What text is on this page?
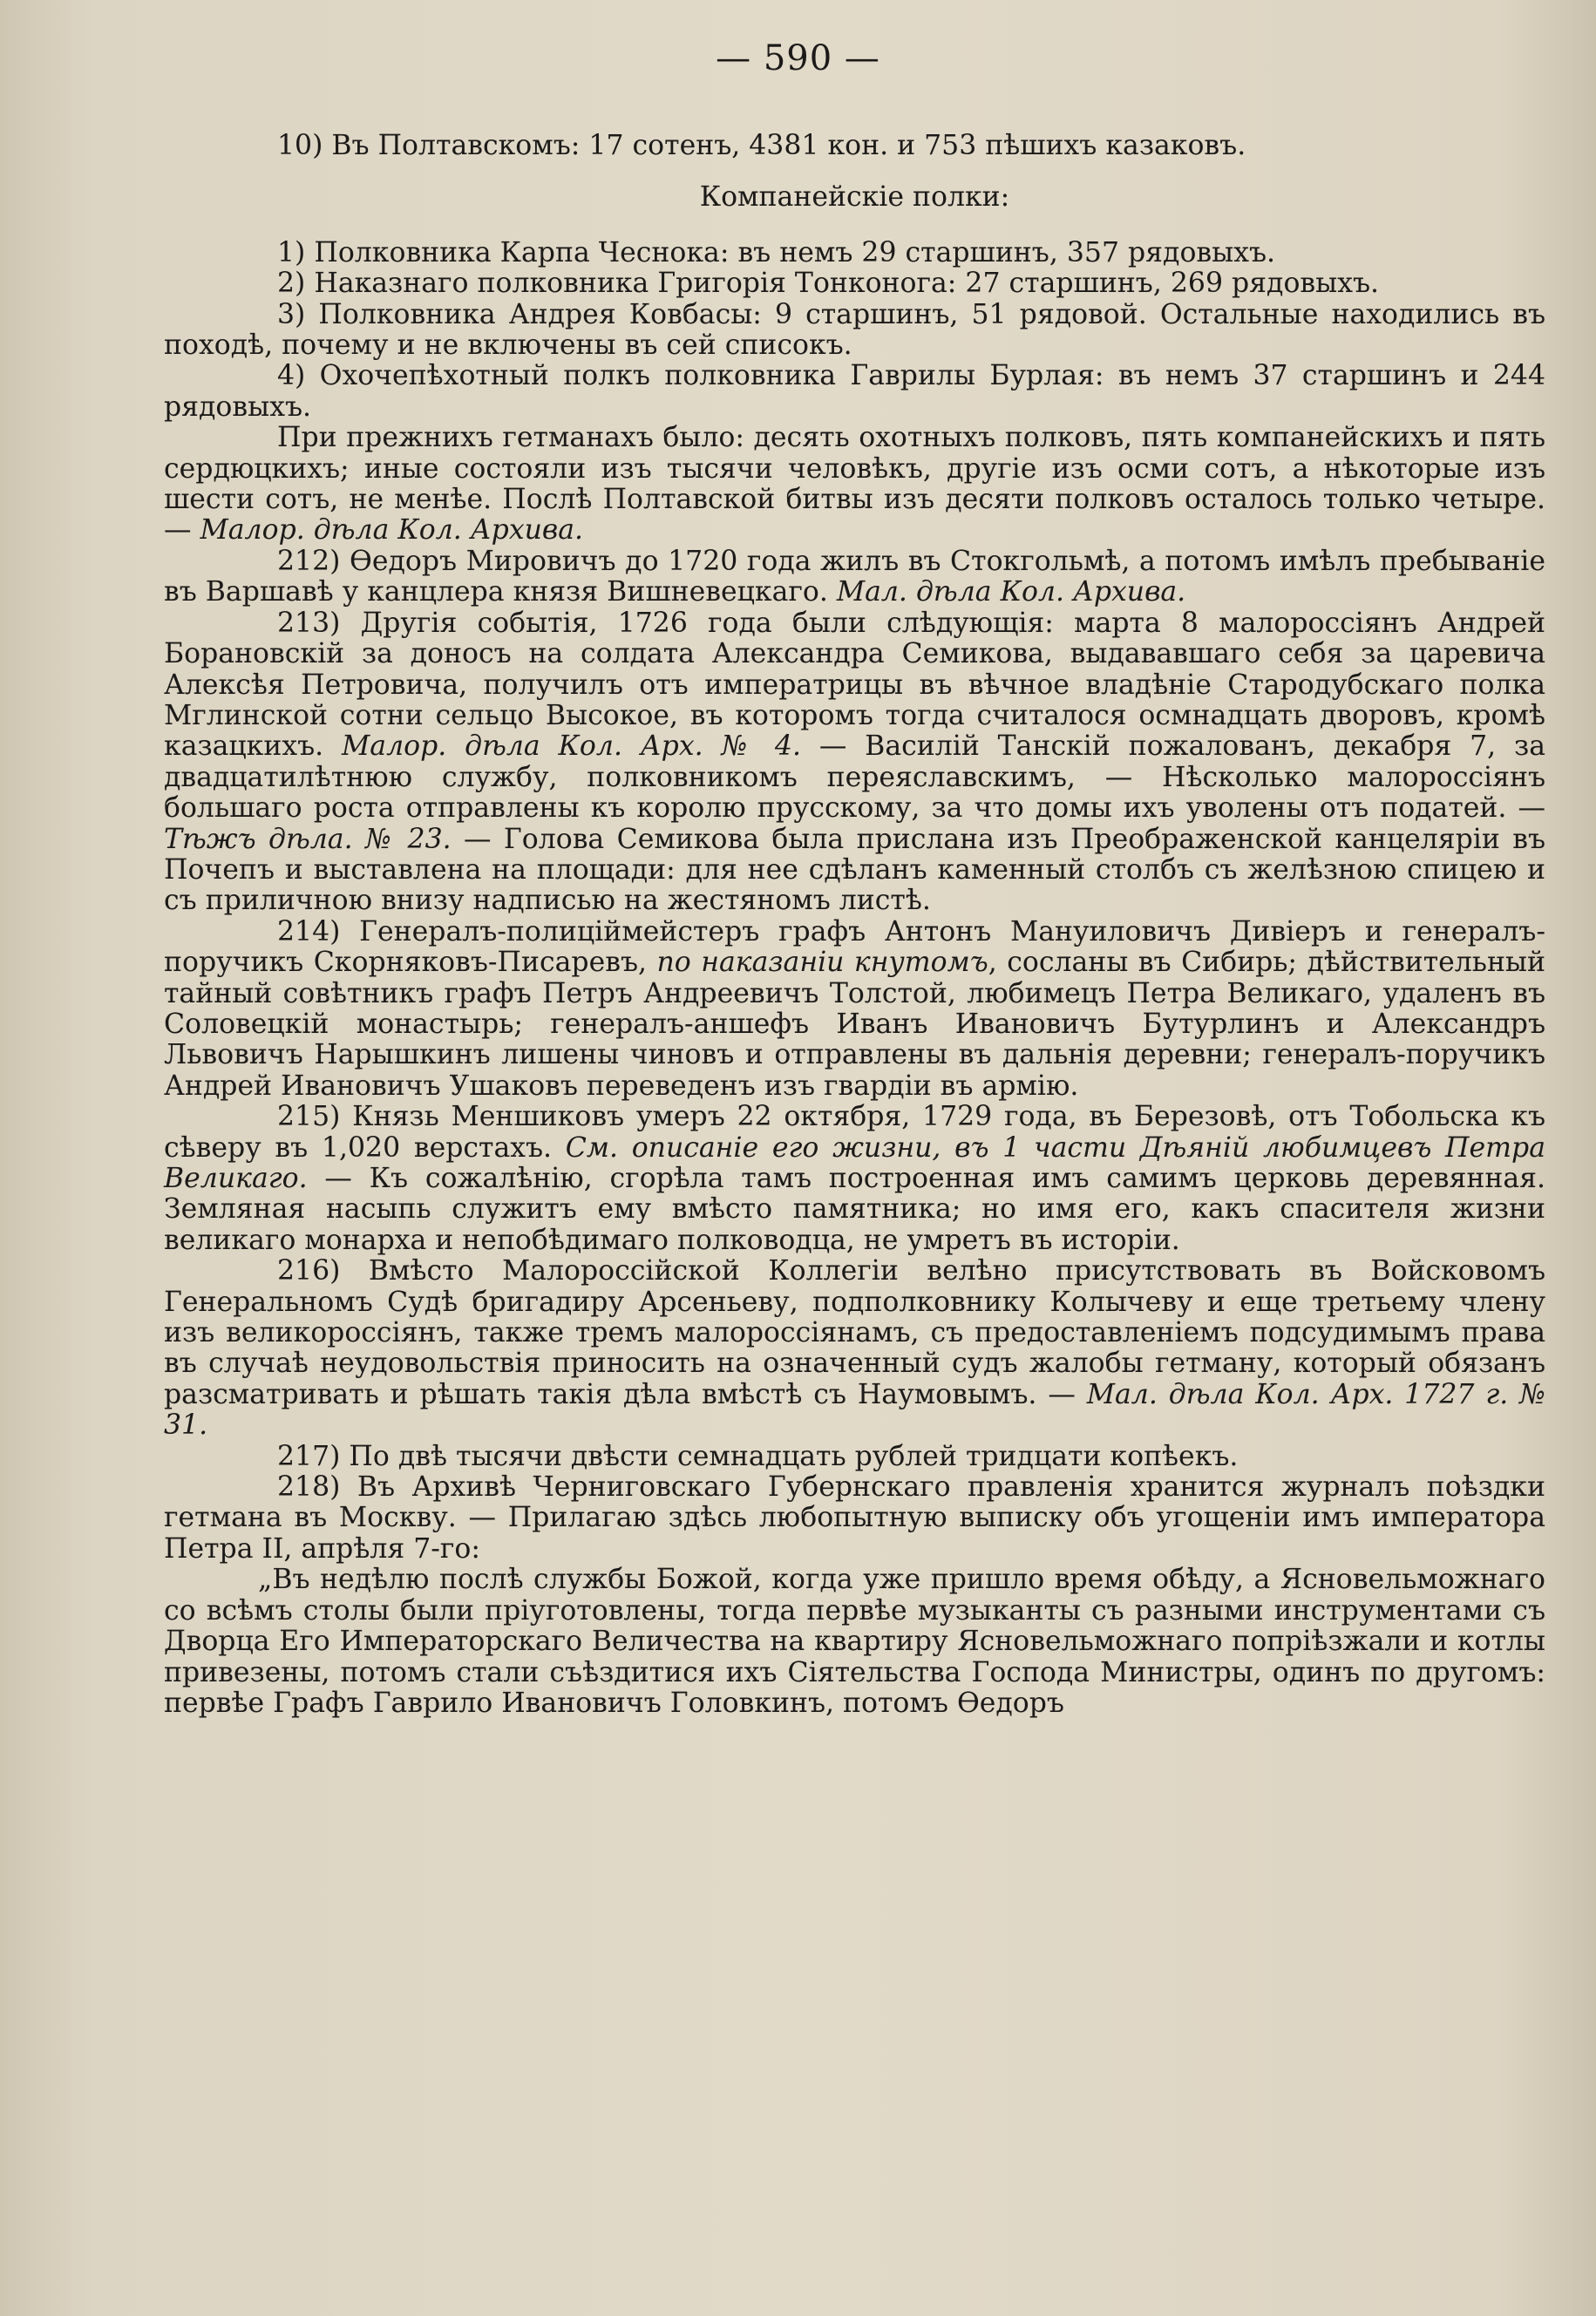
— 590 —

10) Въ Полтавскомъ: 17 сотенъ, 4381 кон. и 753 пѣшихъ казаковъ.

Компанейскіе полки:

1) Полковника Карпа Чеснока: въ немъ 29 старшинъ, 357 рядовыхъ.

2) Наказнаго полковника Григорія Тонконога: 27 старшинъ, 269 рядовыхъ.

3) Полковника Андрея Ковбасы: 9 старшинъ, 51 рядовой. Остальные находились въ походѣ, почему и не включены въ сей списокъ.

4) Охочепѣхотный полкъ полковника Гаврилы Бурлая: въ немъ 37 старшинъ и 244 рядовыхъ.

При прежнихъ гетманахъ было: десять охотныхъ полковъ, пять компанейскихъ и пять сердюцкихъ; иные состояли изъ тысячи человѣкъ, другіе изъ осми сотъ, а нѣкоторые изъ шести сотъ, не менѣе. Послѣ Полтавской битвы изъ десяти полковъ осталось только четыре. — Малор. дѣла Кол. Архива.

212) Ѳедоръ Мировичъ до 1720 года жилъ въ Стокгольмѣ, а потомъ имѣлъ пребываніе въ Варшавѣ у канцлера князя Вишневецкаго. Мал. дѣла Кол. Архива.

213) Другія событія, 1726 года были слѣдующія: марта 8 малороссіянъ Андрей Борановскій за доносъ на солдата Александра Семикова, выдававшаго себя за царевича Алексѣя Петровича, получилъ отъ императрицы въ вѣчное владѣніе Стародубскаго полка Мглинской сотни сельцо Высокое, въ которомъ тогда считалося осмнадцать дворовъ, кромѣ казацкихъ. Малор. дѣла Кол. Арх. № 4. — Василій Танскій пожалованъ, декабря 7, за двадцатилѣтнюю службу, полковникомъ переяславскимъ, — Нѣсколько малороссіянъ большаго роста отправлены къ королю прусскому, за что домы ихъ уволены отъ податей. — Тѣжъ дѣла. № 23. — Голова Семикова была прислана изъ Преображенской канцеляріи въ Почепъ и выставлена на площади: для нее сдѣланъ каменный столбъ съ желѣзною спицею и съ приличною внизу надписью на жестяномъ листѣ.

214) Генералъ-полиціймейстеръ графъ Антонъ Мануиловичъ Дивіеръ и генералъ-поручикъ Скорняковъ-Писаревъ, по наказаніи кнутомъ, сосланы въ Сибирь; дѣйствительный тайный совѣтникъ графъ Петръ Андреевичъ Толстой, любимецъ Петра Великаго, удаленъ въ Соловецкій монастырь; генералъ-аншефъ Иванъ Ивановичъ Бутурлинъ и Александръ Львовичъ Нарышкинъ лишены чиновъ и отправлены въ дальнія деревни; генералъ-поручикъ Андрей Ивановичъ Ушаковъ переведенъ изъ гвардіи въ армію.

215) Князь Меншиковъ умеръ 22 октября, 1729 года, въ Березовѣ, отъ Тобольска къ сѣверу въ 1,020 верстахъ. См. описаніе его жизни, въ 1 части Дѣяній любимцевъ Петра Великаго. — Къ сожалѣнію, сгорѣла тамъ построенная имъ самимъ церковь деревянная. Земляная насыпь служитъ ему вмѣсто памятника; но имя его, какъ спасителя жизни великаго монарха и непобѣдимаго полководца, не умретъ въ исторіи.

216) Вмѣсто Малороссійской Коллегіи велѣно присутствовать въ Войсковомъ Генеральномъ Судѣ бригадиру Арсеньеву, подполковнику Колычеву и еще третьему члену изъ великороссіянъ, также тремъ малороссіянамъ, съ предоставленіемъ подсудимымъ права въ случаѣ неудовольствія приносить на означенный судъ жалобы гетману, который обязанъ разсматривать и рѣшать такія дѣла вмѣстѣ съ Наумовымъ. — Мал. дѣла Кол. Арх. 1727 г. № 31.

217) По двѣ тысячи двѣсти семнадцать рублей тридцати копѣекъ.

218) Въ Архивѣ Черниговскаго Губернскаго правленія хранится журналъ поѣздки гетмана въ Москву. — Прилагаю здѣсь любопытную выписку объ угощеніи имъ императора Петра II, апрѣля 7-го:

„Въ недѣлю послѣ службы Божой, когда уже пришло время обѣду, а Ясновельможнаго со всѣмъ столы были пріуготовлены, тогда первѣе музыканты съ разными инструментами съ Дворца Его Императорскаго Величества на квартиру Ясновельможнаго попріѣзжали и котлы привезены, потомъ стали съѣздитися ихъ Сіятельства Господа Министры, одинъ по другомъ: первѣе Графъ Гаврило Ивановичъ Головкинъ, потомъ Ѳедоръ
